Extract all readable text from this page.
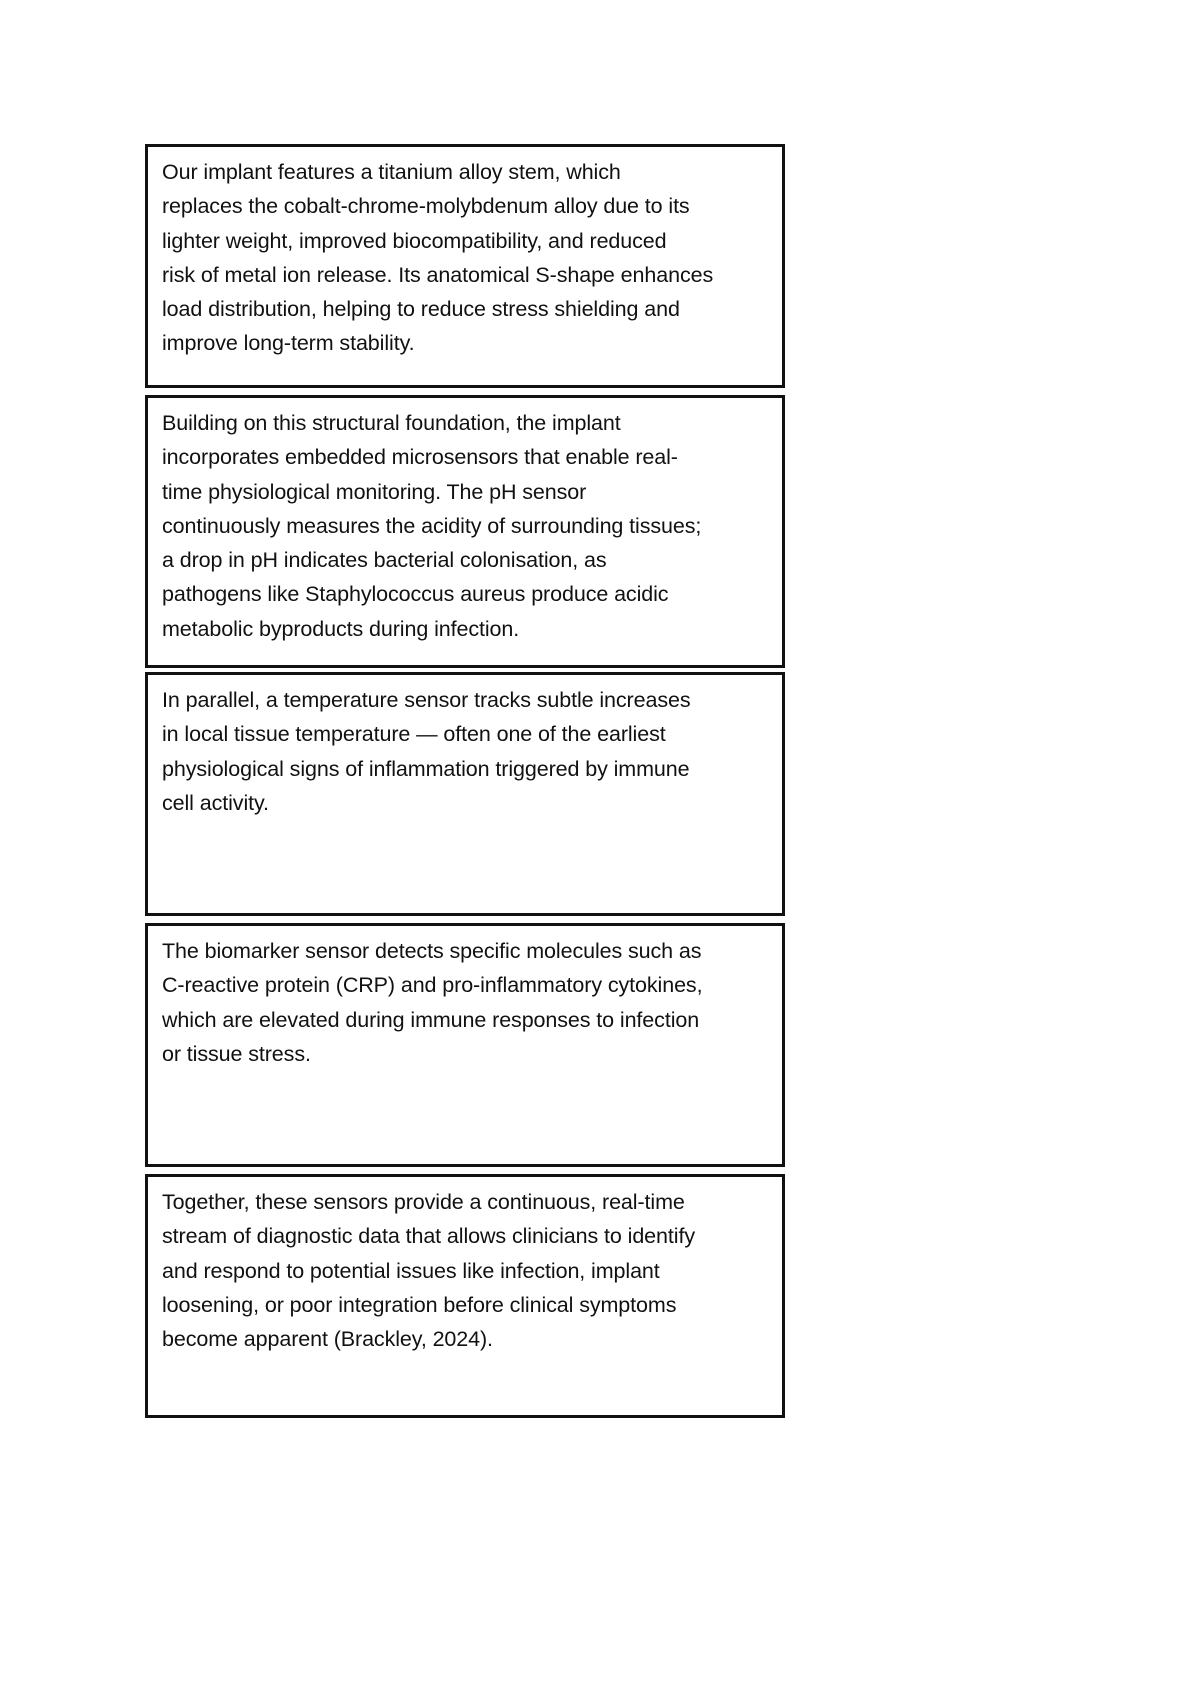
Our implant features a titanium alloy stem, which
replaces the cobalt-chrome-molybdenum alloy due to its
lighter weight, improved biocompatibility, and reduced
risk of metal ion release. Its anatomical S-shape enhances
load distribution, helping to reduce stress shielding and
improve long-term stability.
Building on this structural foundation, the implant
incorporates embedded microsensors that enable real-
time physiological monitoring. The pH sensor
continuously measures the acidity of surrounding tissues;
a drop in pH indicates bacterial colonisation, as
pathogens like Staphylococcus aureus produce acidic
metabolic byproducts during infection.
In parallel, a temperature sensor tracks subtle increases
in local tissue temperature — often one of the earliest
physiological signs of inflammation triggered by immune
cell activity.
The biomarker sensor detects specific molecules such as
C-reactive protein (CRP) and pro-inflammatory cytokines,
which are elevated during immune responses to infection
or tissue stress.
Together, these sensors provide a continuous, real-time
stream of diagnostic data that allows clinicians to identify
and respond to potential issues like infection, implant
loosening, or poor integration before clinical symptoms
become apparent (Brackley, 2024).
